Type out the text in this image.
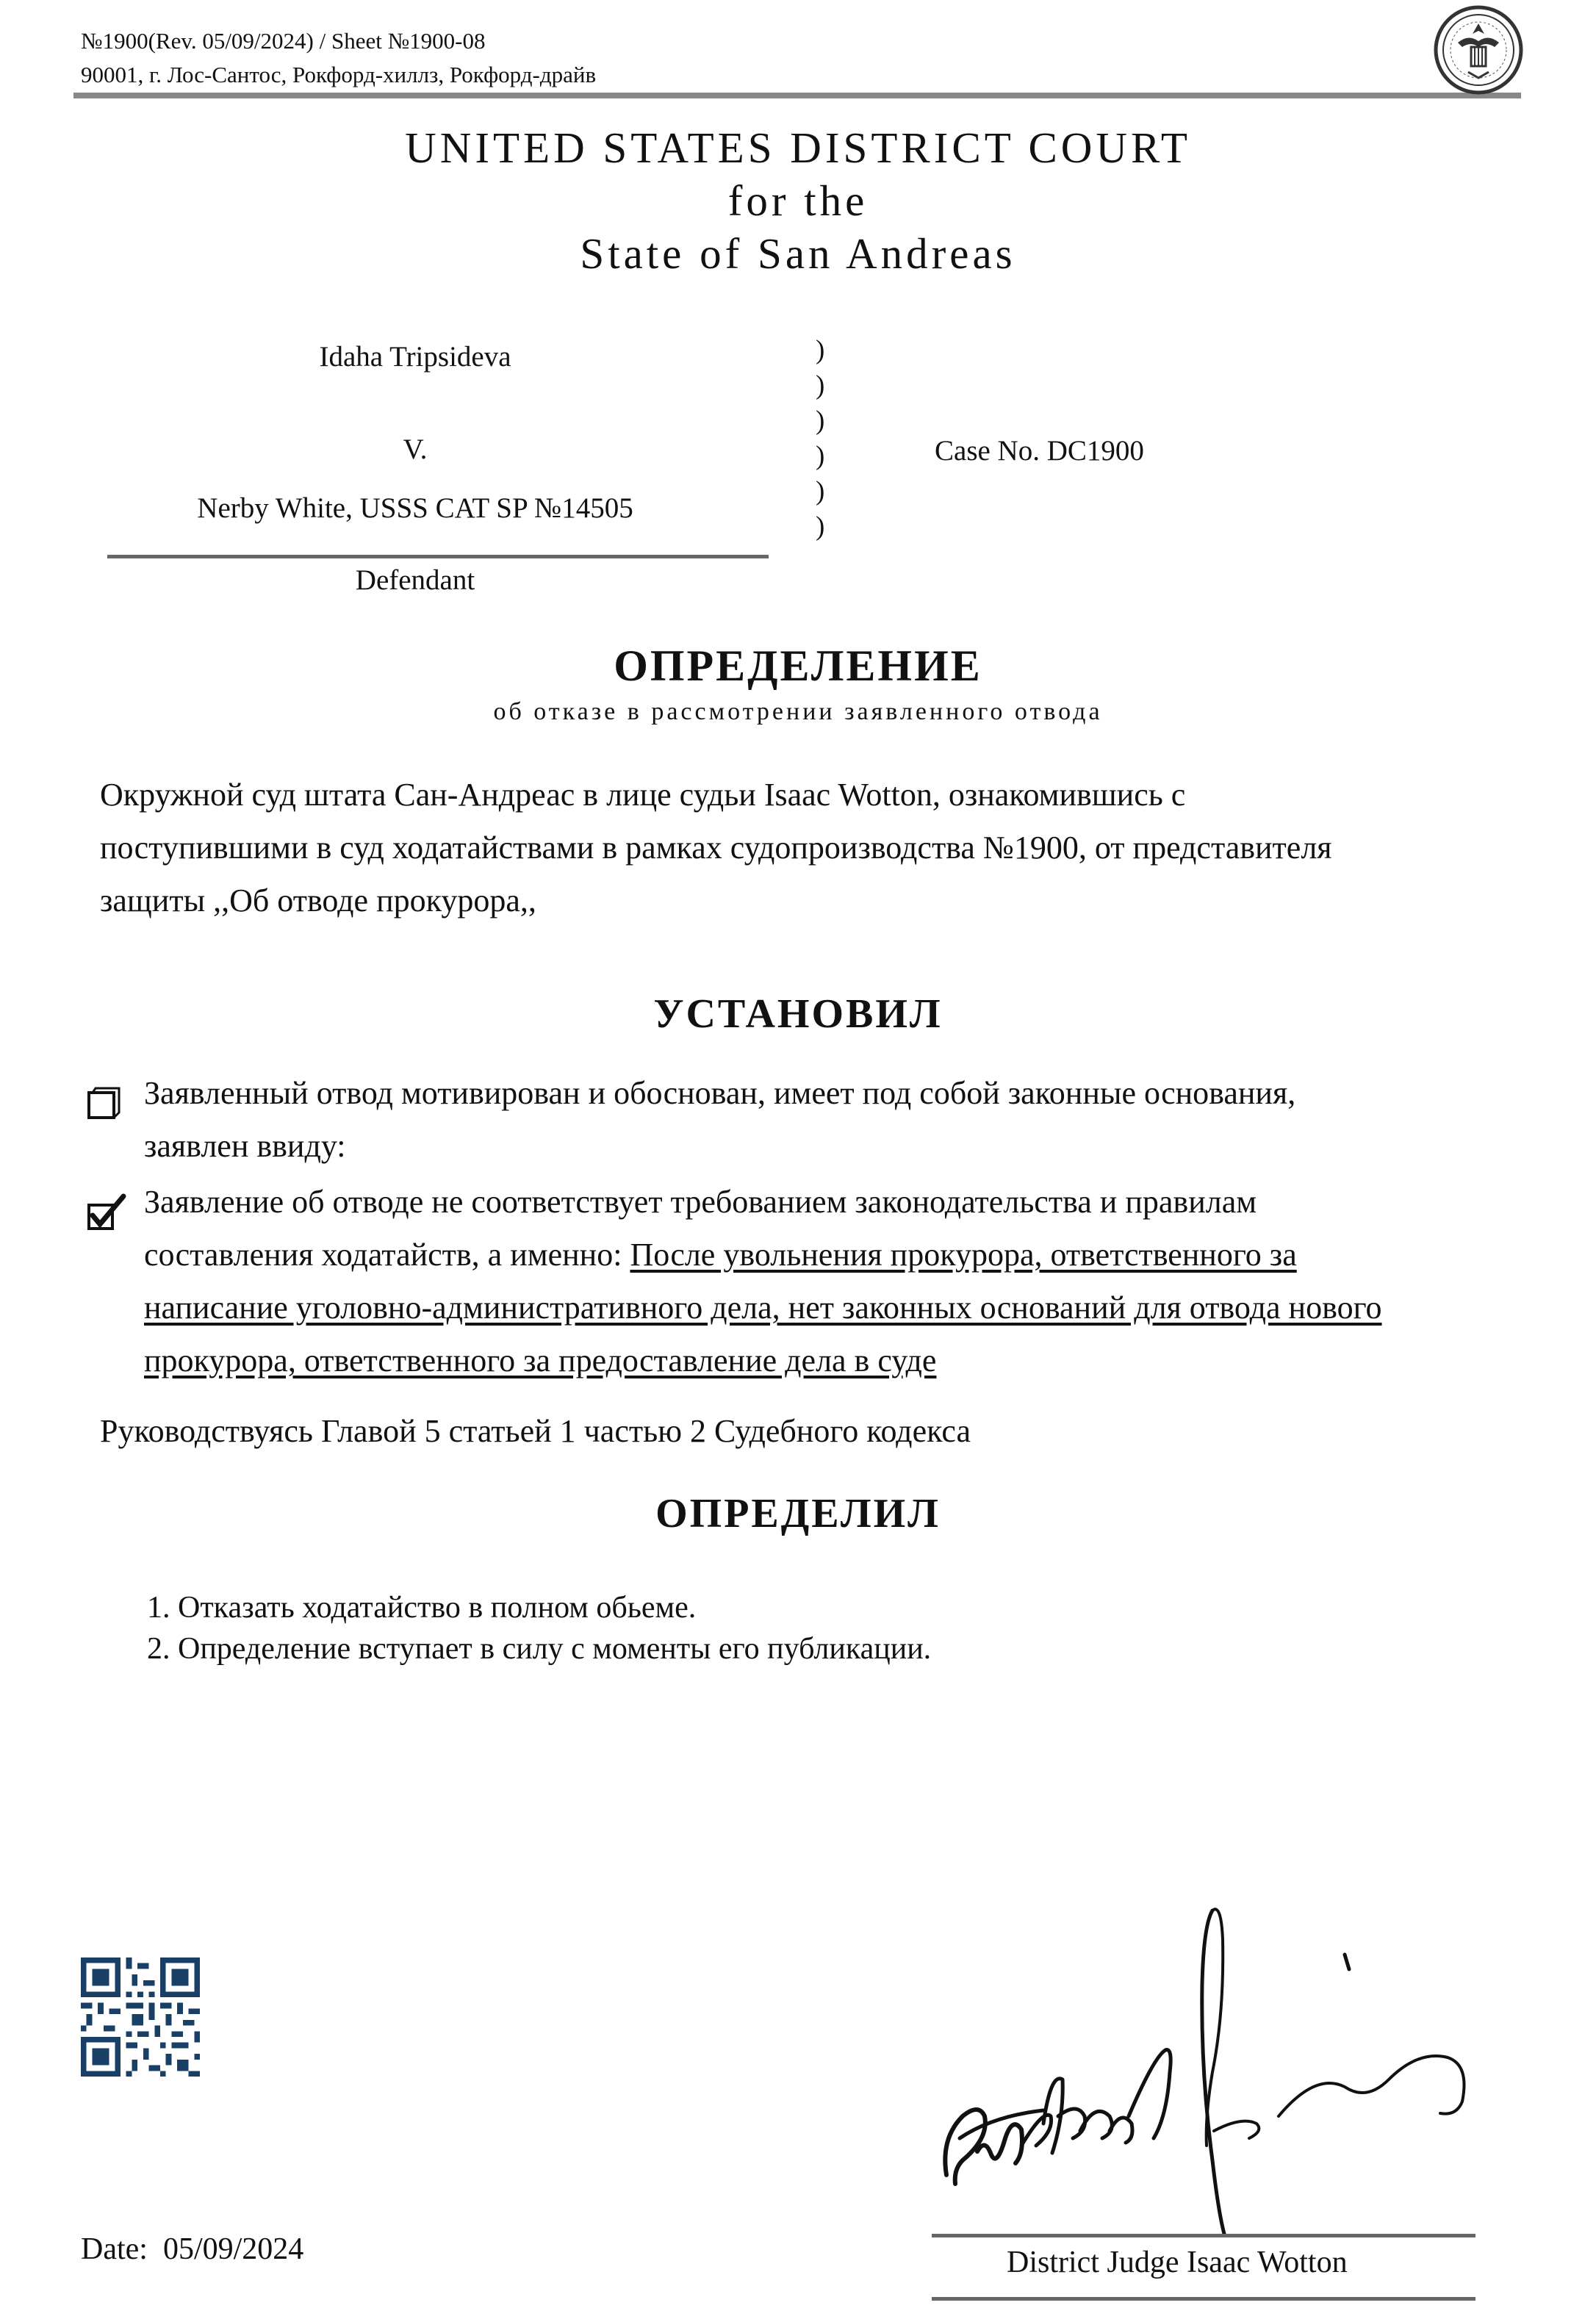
№1900(Rev. 05/09/2024) / Sheet №1900-08
90001, г. Лос-Сантос, Рокфорд-хиллз, Рокфорд-драйв
UNITED STATES DISTRICT COURT
for the
State of San Andreas
Idaha Tripsideva
V.
Nerby White, USSS CAT SP №14505
Defendant
)
)
)
)
)
)
Case No. DC1900
ОПРЕДЕЛЕНИЕ
об отказе в рассмотрении заявленного отвода
Окружной суд штата Сан-Андреас в лице судьи Isaac Wotton, ознакомившись с
поступившими в суд ходатайствами в рамках судопроизводства №1900, от представителя
защиты ,,Об отводе прокурора,,
УСТАНОВИЛ
Заявленный отвод мотивирован и обоснован, имеет под собой законные основания,
заявлен ввиду:
Заявление об отводе не соответствует требованием законодательства и правилам
составления ходатайств, а именно: После увольнения прокурора, ответственного за
написание уголовно-административного дела, нет законных оснований для отвода нового
прокурора, ответственного за предоставление дела в суде
Руководствуясь Главой 5 статьей 1 частью 2 Судебного кодекса
ОПРЕДЕЛИЛ
1. Отказать ходатайство в полном обьеме.
2. Определение вступает в силу с моменты его публикации.
Date: 05/09/2024	District Judge Isaac Wotton
